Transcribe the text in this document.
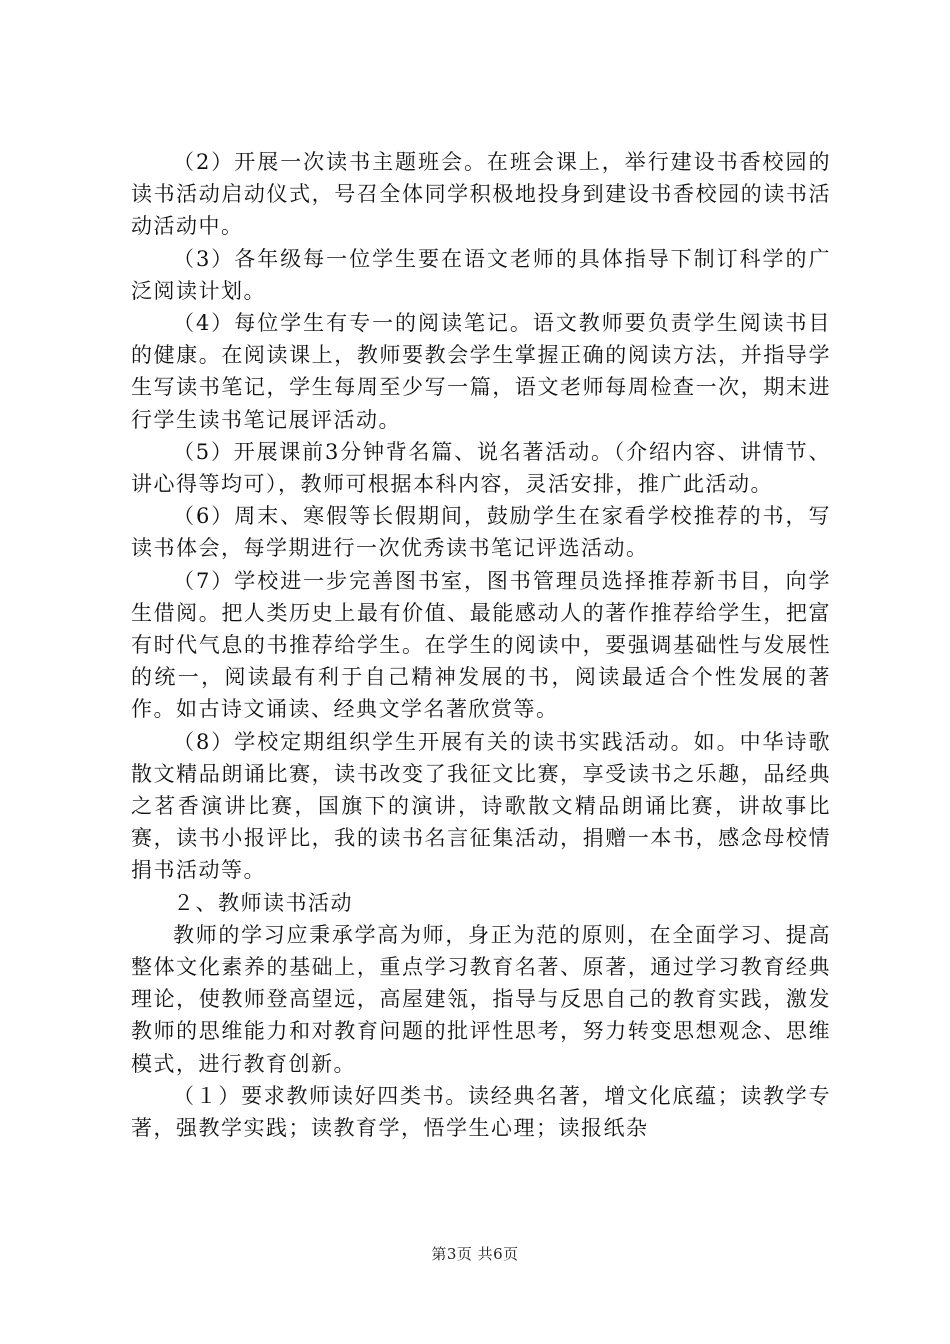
（2）开展一次读书主题班会。在班会课上，举行建设书香校园的读书活动启动仪式，号召全体同学积极地投身到建设书香校园的读书活动活动中。

（3）各年级每一位学生要在语文老师的具体指导下制订科学的广泛阅读计划。

（4）每位学生有专一的阅读笔记。语文教师要负责学生阅读书目的健康。在阅读课上，教师要教会学生掌握正确的阅读方法，并指导学生写读书笔记，学生每周至少写一篇，语文老师每周检查一次，期末进行学生读书笔记展评活动。

（5）开展课前3分钟背名篇、说名著活动。（介绍内容、讲情节、讲心得等均可），教师可根据本科内容，灵活安排，推广此活动。

（6）周末、寒假等长假期间，鼓励学生在家看学校推荐的书，写读书体会，每学期进行一次优秀读书笔记评选活动。

（7）学校进一步完善图书室，图书管理员选择推荐新书目，向学生借阅。把人类历史上最有价值、最能感动人的著作推荐给学生，把富有时代气息的书推荐给学生。在学生的阅读中，要强调基础性与发展性的统一，阅读最有利于自己精神发展的书，阅读最适合个性发展的著作。如古诗文诵读、经典文学名著欣赏等。

（8）学校定期组织学生开展有关的读书实践活动。如。中华诗歌散文精品朗诵比赛，读书改变了我征文比赛，享受读书之乐趣，品经典之茗香演讲比赛，国旗下的演讲，诗歌散文精品朗诵比赛，讲故事比赛，读书小报评比，我的读书名言征集活动，捐赠一本书，感念母校情捐书活动等。

２、教师读书活动

教师的学习应秉承学高为师，身正为范的原则，在全面学习、提高整体文化素养的基础上，重点学习教育名著、原著，通过学习教育经典理论，使教师登高望远，高屋建瓴，指导与反思自己的教育实践，激发教师的思维能力和对教育问题的批评性思考，努力转变思想观念、思维模式，进行教育创新。

（１）要求教师读好四类书。读经典名著，增文化底蕴；读教学专著，强教学实践；读教育学，悟学生心理；读报纸杂

第3页 共6页
